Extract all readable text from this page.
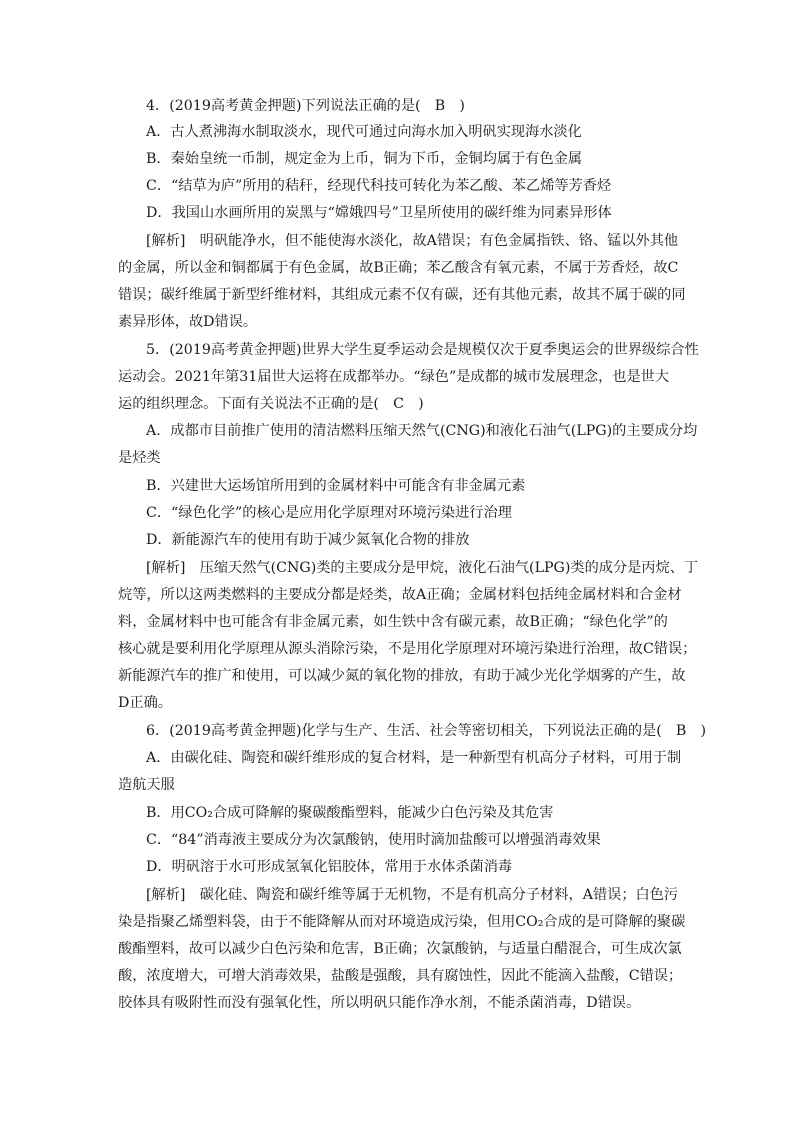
4．(2019高考黄金押题)下列说法正确的是(　B　)
A．古人煮沸海水制取淡水，现代可通过向海水加入明矾实现海水淡化
B．秦始皇统一币制，规定金为上币，铜为下币，金铜均属于有色金属
C．“结草为庐”所用的秸秆，经现代科技可转化为苯乙酸、苯乙烯等芳香烃
D．我国山水画所用的炭黑与“嫦娥四号”卫星所使用的碳纤维为同素异形体
[解析]　明矾能净水，但不能使海水淡化，故A错误；有色金属指铁、铬、锰以外其他
的金属，所以金和铜都属于有色金属，故B正确；苯乙酸含有氧元素，不属于芳香烃，故C
错误；碳纤维属于新型纤维材料，其组成元素不仅有碳，还有其他元素，故其不属于碳的同
素异形体，故D错误。
5．(2019高考黄金押题)世界大学生夏季运动会是规模仅次于夏季奥运会的世界级综合性
运动会。2021年第31届世大运将在成都举办。“绿色”是成都的城市发展理念，也是世大
运的组织理念。下面有关说法不正确的是(　C　)
A．成都市目前推广使用的清洁燃料压缩天然气(CNG)和液化石油气(LPG)的主要成分均
是烃类
B．兴建世大运场馆所用到的金属材料中可能含有非金属元素
C．“绿色化学”的核心是应用化学原理对环境污染进行治理
D．新能源汽车的使用有助于减少氮氧化合物的排放
[解析]　压缩天然气(CNG)类的主要成分是甲烷，液化石油气(LPG)类的成分是丙烷、丁
烷等，所以这两类燃料的主要成分都是烃类，故A正确；金属材料包括纯金属材料和合金材
料，金属材料中也可能含有非金属元素，如生铁中含有碳元素，故B正确；“绿色化学”的
核心就是要利用化学原理从源头消除污染，不是用化学原理对环境污染进行治理，故C错误；
新能源汽车的推广和使用，可以减少氮的氧化物的排放，有助于减少光化学烟雾的产生，故
D正确。
6．(2019高考黄金押题)化学与生产、生活、社会等密切相关，下列说法正确的是(　B　)
A．由碳化硅、陶瓷和碳纤维形成的复合材料，是一种新型有机高分子材料，可用于制
造航天服
B．用CO₂合成可降解的聚碳酸酯塑料，能减少白色污染及其危害
C．“84”消毒液主要成分为次氯酸钠，使用时滴加盐酸可以增强消毒效果
D．明矾溶于水可形成氢氧化铝胶体，常用于水体杀菌消毒
[解析]　碳化硅、陶瓷和碳纤维等属于无机物，不是有机高分子材料，A错误；白色污
染是指聚乙烯塑料袋，由于不能降解从而对环境造成污染，但用CO₂合成的是可降解的聚碳
酸酯塑料，故可以减少白色污染和危害，B正确；次氯酸钠，与适量白醋混合，可生成次氯
酸，浓度增大，可增大消毒效果，盐酸是强酸，具有腐蚀性，因此不能滴入盐酸，C错误；
胶体具有吸附性而没有强氧化性，所以明矾只能作净水剂，不能杀菌消毒，D错误。
